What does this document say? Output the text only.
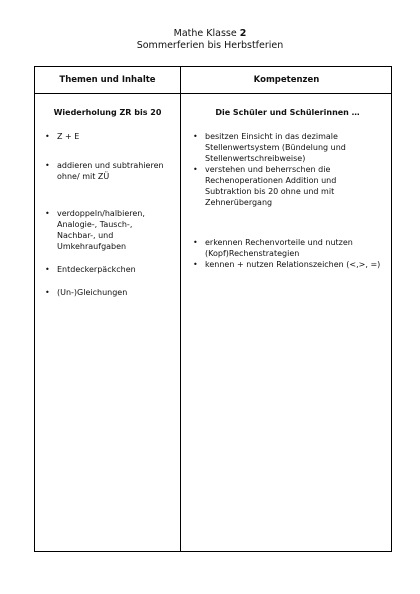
Mathe Klasse 2
Sommerferien bis Herbstferien
Themen und Inhalte	Kompetenzen
Wiederholung ZR bis 20
• Z + E
• addieren und subtrahieren ohne/ mit ZÜ
• verdoppeln/halbieren, Analogie-, Tausch-, Nachbar-, und Umkehraufgaben
• Entdeckerpäckchen
• (Un-)Gleichungen
Die Schüler und Schülerinnen …
• besitzen Einsicht in das dezimale Stellenwertsystem (Bündelung und Stellenwertschreibweise)
• verstehen und beherrschen die Rechenoperationen Addition und Subtraktion bis 20 ohne und mit Zehnerübergang
• erkennen Rechenvorteile und nutzen (Kopf)Rechenstrategien
• kennen + nutzen Relationszeichen (<,>, =)
